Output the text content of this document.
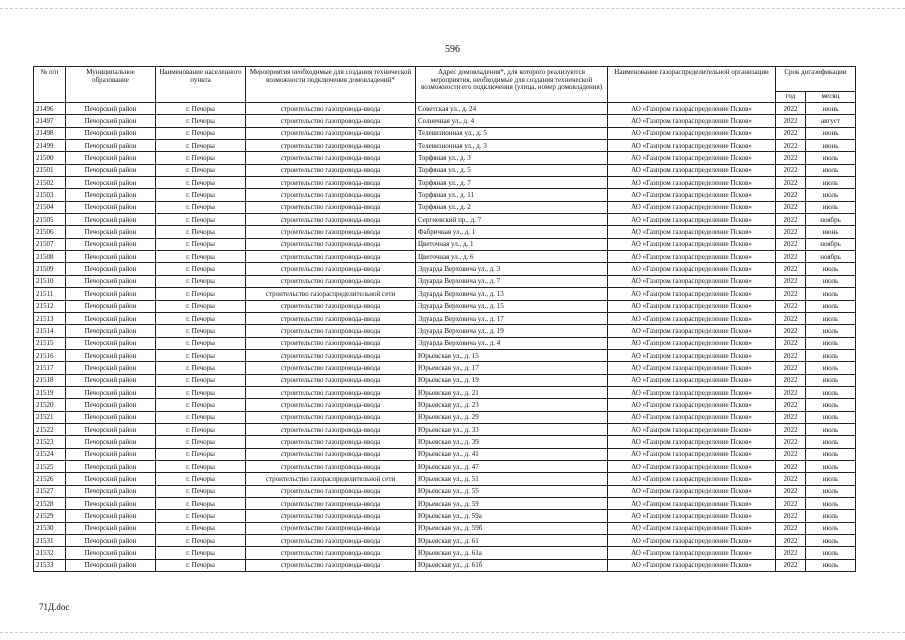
596
№ п/п	Муниципальное образование	Наименование населенного пункта	Мероприятия необходимые для создания технической возможности подключения домовладений*	Адрес домовладения*, для которого реализуются мероприятия, необходимые для создания технической возможности его подключения (улица, номер домовладения)	Наименование газораспределительной организации	Срок догазификации	
						год	месяц
21496	Печорский район	г. Печоры	строительство газопровода-ввода	Советская ул., д. 24	АО «Газпром газораспределение Псков»	2022	июнь
21497	Печорский район	г. Печоры	строительство газопровода-ввода	Солнечная ул., д. 4	АО «Газпром газораспределение Псков»	2022	август
21498	Печорский район	г. Печоры	строительство газопровода-ввода	Телевизионная ул., д. 5	АО «Газпром газораспределение Псков»	2022	июнь
21499	Печорский район	г. Печоры	строительство газопровода-ввода	Телевизионная ул., д. 3	АО «Газпром газораспределение Псков»	2022	июнь
21500	Печорский район	г. Печоры	строительство газопровода-ввода	Торфяная ул., д. 3	АО «Газпром газораспределение Псков»	2022	июль
21501	Печорский район	г. Печоры	строительство газопровода-ввода	Торфяная ул., д. 5	АО «Газпром газораспределение Псков»	2022	июль
21502	Печорский район	г. Печоры	строительство газопровода-ввода	Торфяная ул., д. 7	АО «Газпром газораспределение Псков»	2022	июль
21503	Печорский район	г. Печоры	строительство газопровода-ввода	Торфяная ул., д. 11	АО «Газпром газораспределение Псков»	2022	июль
21504	Печорский район	г. Печоры	строительство газопровода-ввода	Торфяная ул., д. 2	АО «Газпром газораспределение Псков»	2022	июль
21505	Печорский район	г. Печоры	строительство газопровода-ввода	Сергиевский пр., д. 7	АО «Газпром газораспределение Псков»	2022	ноябрь
21506	Печорский район	г. Печоры	строительство газопровода-ввода	Фабричная ул., д. 1	АО «Газпром газораспределение Псков»	2022	июнь
21507	Печорский район	г. Печоры	строительство газопровода-ввода	Цветочная ул., д. 1	АО «Газпром газораспределение Псков»	2022	ноябрь
21508	Печорский район	г. Печоры	строительство газопровода-ввода	Цветочная ул., д. 6	АО «Газпром газораспределение Псков»	2022	ноябрь
21509	Печорский район	г. Печоры	строительство газопровода-ввода	Эдуарда Верховича ул., д. 3	АО «Газпром газораспределение Псков»	2022	июль
21510	Печорский район	г. Печоры	строительство газопровода-ввода	Эдуарда Верховича ул., д. 7	АО «Газпром газораспределение Псков»	2022	июль
21511	Печорский район	г. Печоры	строительство газораспределительной сети	Эдуарда Верховича ул., д. 13	АО «Газпром газораспределение Псков»	2022	июль
21512	Печорский район	г. Печоры	строительство газопровода-ввода	Эдуарда Верховича ул., д. 15	АО «Газпром газораспределение Псков»	2022	июль
21513	Печорский район	г. Печоры	строительство газопровода-ввода	Эдуарда Верховича ул., д. 17	АО «Газпром газораспределение Псков»	2022	июль
21514	Печорский район	г. Печоры	строительство газопровода-ввода	Эдуарда Верховича ул., д. 19	АО «Газпром газораспределение Псков»	2022	июль
21515	Печорский район	г. Печоры	строительство газопровода-ввода	Эдуарда Верховича ул., д. 4	АО «Газпром газораспределение Псков»	2022	июль
21516	Печорский район	г. Печоры	строительство газопровода-ввода	Юрьевская ул., д. 15	АО «Газпром газораспределение Псков»	2022	июль
21517	Печорский район	г. Печоры	строительство газопровода-ввода	Юрьевская ул., д. 17	АО «Газпром газораспределение Псков»	2022	июль
21518	Печорский район	г. Печоры	строительство газопровода-ввода	Юрьевская ул., д. 19	АО «Газпром газораспределение Псков»	2022	июль
21519	Печорский район	г. Печоры	строительство газопровода-ввода	Юрьевская ул., д. 21	АО «Газпром газораспределение Псков»	2022	июль
21520	Печорский район	г. Печоры	строительство газопровода-ввода	Юрьевская ул., д. 23	АО «Газпром газораспределение Псков»	2022	июль
21521	Печорский район	г. Печоры	строительство газопровода-ввода	Юрьевская ул., д. 29	АО «Газпром газораспределение Псков»	2022	июль
21522	Печорский район	г. Печоры	строительство газопровода-ввода	Юрьевская ул., д. 33	АО «Газпром газораспределение Псков»	2022	июль
21523	Печорский район	г. Печоры	строительство газопровода-ввода	Юрьевская ул., д. 39	АО «Газпром газораспределение Псков»	2022	июль
21524	Печорский район	г. Печоры	строительство газопровода-ввода	Юрьевская ул., д. 41	АО «Газпром газораспределение Псков»	2022	июль
21525	Печорский район	г. Печоры	строительство газопровода-ввода	Юрьевская ул., д. 47	АО «Газпром газораспределение Псков»	2022	июль
21526	Печорский район	г. Печоры	строительство газораспределительной сети	Юрьевская ул., д. 51	АО «Газпром газораспределение Псков»	2022	июль
21527	Печорский район	г. Печоры	строительство газопровода-ввода	Юрьевская ул., д. 55	АО «Газпром газораспределение Псков»	2022	июль
21528	Печорский район	г. Печоры	строительство газопровода-ввода	Юрьевская ул., д. 59	АО «Газпром газораспределение Псков»	2022	июль
21529	Печорский район	г. Печоры	строительство газопровода-ввода	Юрьевская ул., д. 59а	АО «Газпром газораспределение Псков»	2022	июль
21530	Печорский район	г. Печоры	строительство газопровода-ввода	Юрьевская ул., д. 59б	АО «Газпром газораспределение Псков»	2022	июль
21531	Печорский район	г. Печоры	строительство газопровода-ввода	Юрьевская ул., д. 61	АО «Газпром газораспределение Псков»	2022	июль
21532	Печорский район	г. Печоры	строительство газопровода-ввода	Юрьевская ул., д. 61а	АО «Газпром газораспределение Псков»	2022	июль
21533	Печорский район	г. Печоры	строительство газопровода-ввода	Юрьевская ул., д. 61б	АО «Газпром газораспределение Псков»	2022	июль
71Д.doc
